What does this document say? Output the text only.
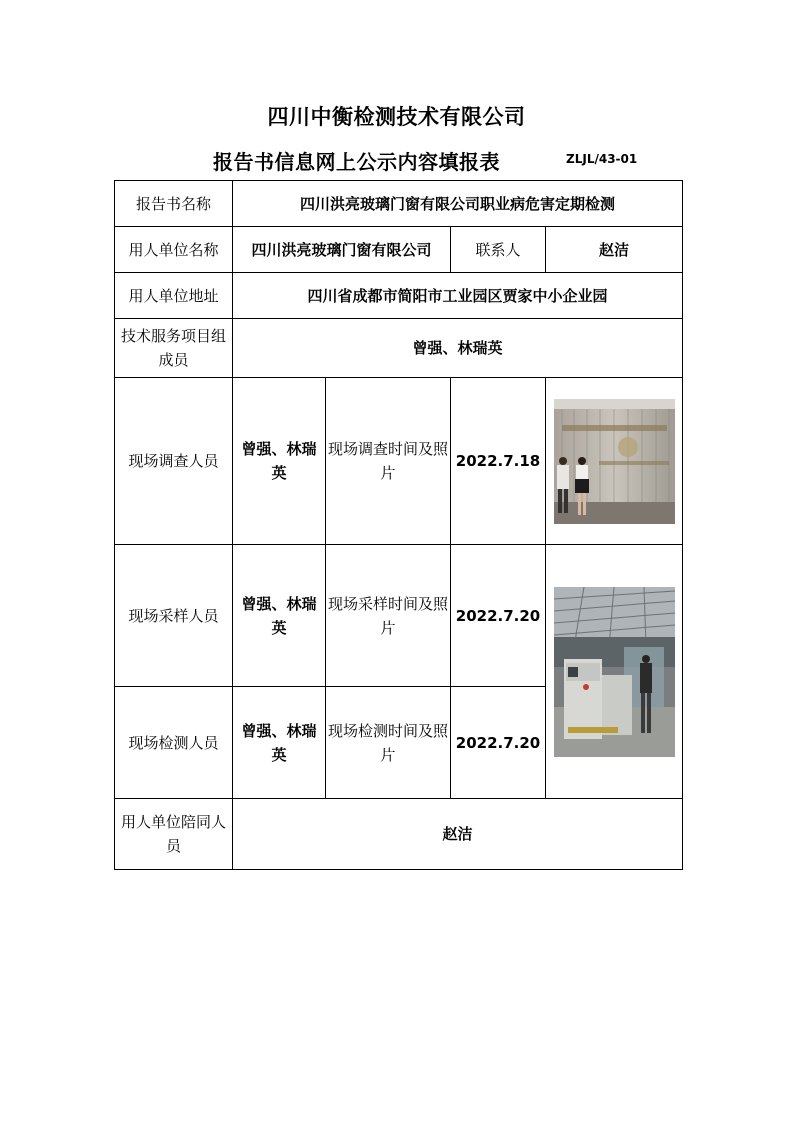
四川中衡检测技术有限公司
报告书信息网上公示内容填报表	ZLJL/43-01
报告书名称	四川洪亮玻璃门窗有限公司职业病危害定期检测			
用人单位名称	四川洪亮玻璃门窗有限公司		联系人	赵洁
用人单位地址	四川省成都市简阳市工业园区贾家中小企业园			
技术服务项目组成员	曾强、林瑞英			
现场调查人员	曾强、林瑞英	现场调查时间及照片	2022.7.18	

现场采样人员	曾强、林瑞英	现场采样时间及照片	2022.7.20	

现场检测人员	曾强、林瑞英	现场检测时间及照片	2022.7.20	
用人单位陪同人员	赵洁			
